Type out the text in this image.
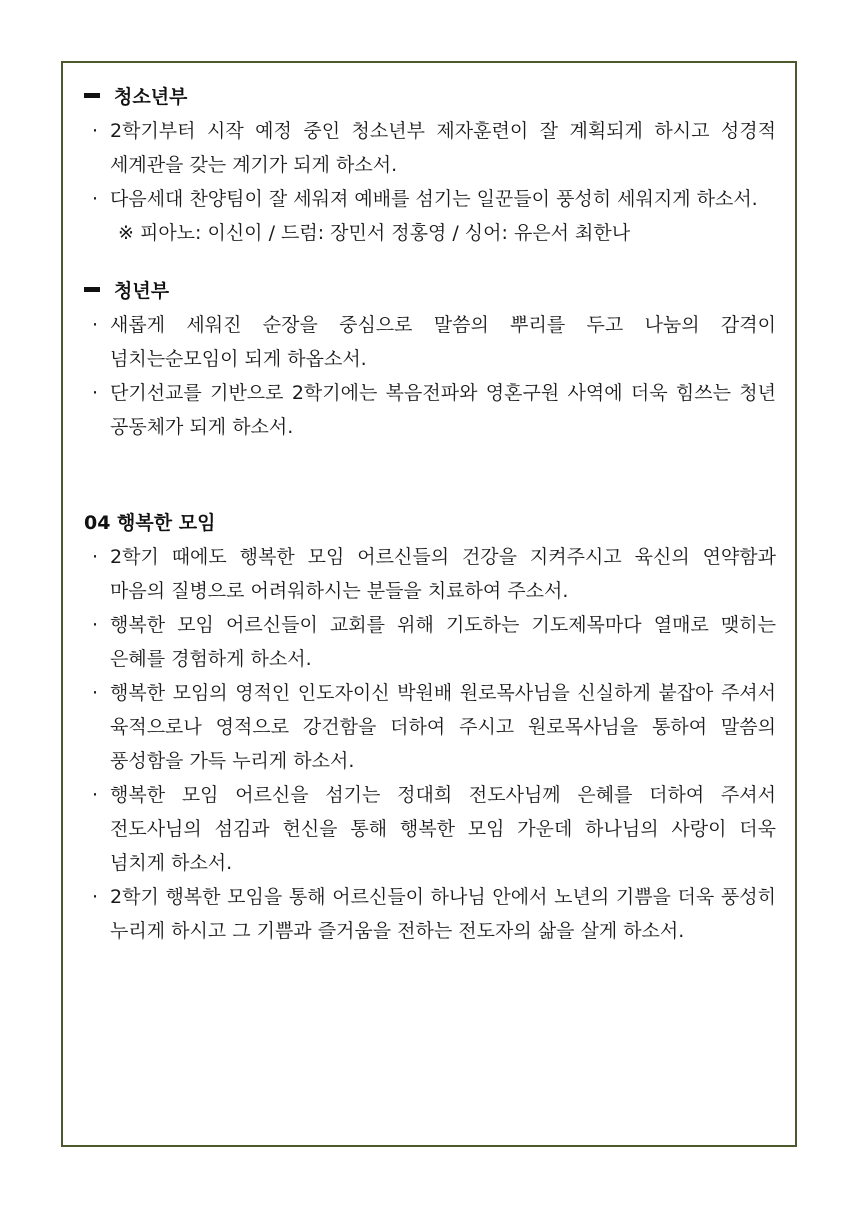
청소년부
· 2학기부터 시작 예정 중인 청소년부 제자훈련이 잘 계획되게 하시고 성경적 세계관을 갖는 계기가 되게 하소서.
· 다음세대 찬양팀이 잘 세워져 예배를 섬기는 일꾼들이 풍성히 세워지게 하소서.
※ 피아노: 이신이 / 드럼: 장민서 정홍영 / 싱어: 유은서 최한나
청년부
· 새롭게 세워진 순장을 중심으로 말씀의 뿌리를 두고 나눔의 감격이 넘치는순모임이 되게 하옵소서.
· 단기선교를 기반으로 2학기에는 복음전파와 영혼구원 사역에 더욱 힘쓰는 청년 공동체가 되게 하소서.
04 행복한 모임
· 2학기 때에도 행복한 모임 어르신들의 건강을 지켜주시고 육신의 연약함과 마음의 질병으로 어려워하시는 분들을 치료하여 주소서.
· 행복한 모임 어르신들이 교회를 위해 기도하는 기도제목마다 열매로 맺히는 은혜를 경험하게 하소서.
· 행복한 모임의 영적인 인도자이신 박원배 원로목사님을 신실하게 붙잡아 주셔서 육적으로나 영적으로 강건함을 더하여 주시고 원로목사님을 통하여 말씀의 풍성함을 가득 누리게 하소서.
· 행복한 모임 어르신을 섬기는 정대희 전도사님께 은혜를 더하여 주셔서 전도사님의 섬김과 헌신을 통해 행복한 모임 가운데 하나님의 사랑이 더욱 넘치게 하소서.
· 2학기 행복한 모임을 통해 어르신들이 하나님 안에서 노년의 기쁨을 더욱 풍성히 누리게 하시고 그 기쁨과 즐거움을 전하는 전도자의 삶을 살게 하소서.
